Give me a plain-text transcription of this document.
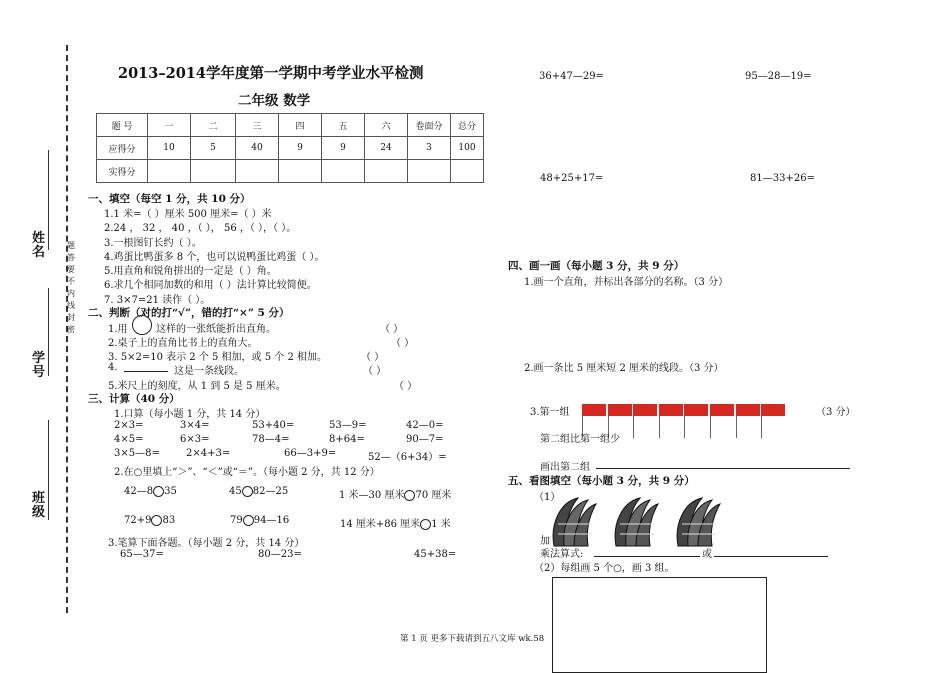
题答要不内线封密
姓名
学号
班级
2013–2014学年度第一学期中考学业水平检测
二年级 数学
题 号	一	二	三	四	五	六	卷面分	总分
应得分	10	5	40	9	9	24	3	100
实得分								
一、填空（每空 1 分，共 10 分）
1.1 米=（ ）厘米 500 厘米=（ ）米
2.24 ， 32 ， 40 ，（ ）， 56 ，（ ），（ ）。
3.一根图钉长约（ ）。
4.鸡蛋比鸭蛋多 8 个，也可以说鸭蛋比鸡蛋（ ）。
5.用直角和锐角拼出的一定是（ ）角。
6.求几个相同加数的和用（ ）法计算比较简便。
7. 3×7=21 读作（ ）。
二、判断（对的打“√”，错的打“×” 5 分）
1.用	这样的一张纸能折出直角。	（ ）
2.桌子上的直角比书上的直角大。	（ ）
3. 5×2=10 表示 2 个 5 相加，或 5 个 2 相加。	（ ）
4.	这是一条线段。	（ ）
5.米尺上的刻度，从 1 到 5 是 5 厘米。	（ ）
三、计算（40 分）
1.口算（每小题 1 分，共 14 分）
2×3=	3×4=	53+40=	53—9=	42—0=
4×5=	6×3=	78—4=	8+64=	90—7=
3×5—8=	2×4+3=	66—3+9=	52—（6+34）=
2.在○里填上“＞”、“＜”或“＝”。（每小题 2 分，共 12 分）
42—8 35	45 82—25	1 米—30 厘米 70 厘米
72+9 83	79 94—16	14 厘米+86 厘米 1 米
3.笔算下面各题。（每小题 2 分，共 14 分）
65—37=	80—23=	45+38=
36+47—29=	95—28—19=
48+25+17=	81—33+26=
四、画一画（每小题 3 分，共 9 分）
1.画一个直角，并标出各部分的名称。（3 分）
2.画一条比 5 厘米短 2 厘米的线段。（3 分）
3.第一组	（3 分）
第二组比第一组少
画出第二组
五、看图填空（每小题 3 分，共 9 分）
（1）
加
乘法算式:	或
（2）每组画 5 个○，画 3 组。
第 1 页 更多下载请到五八文库 wk.58
